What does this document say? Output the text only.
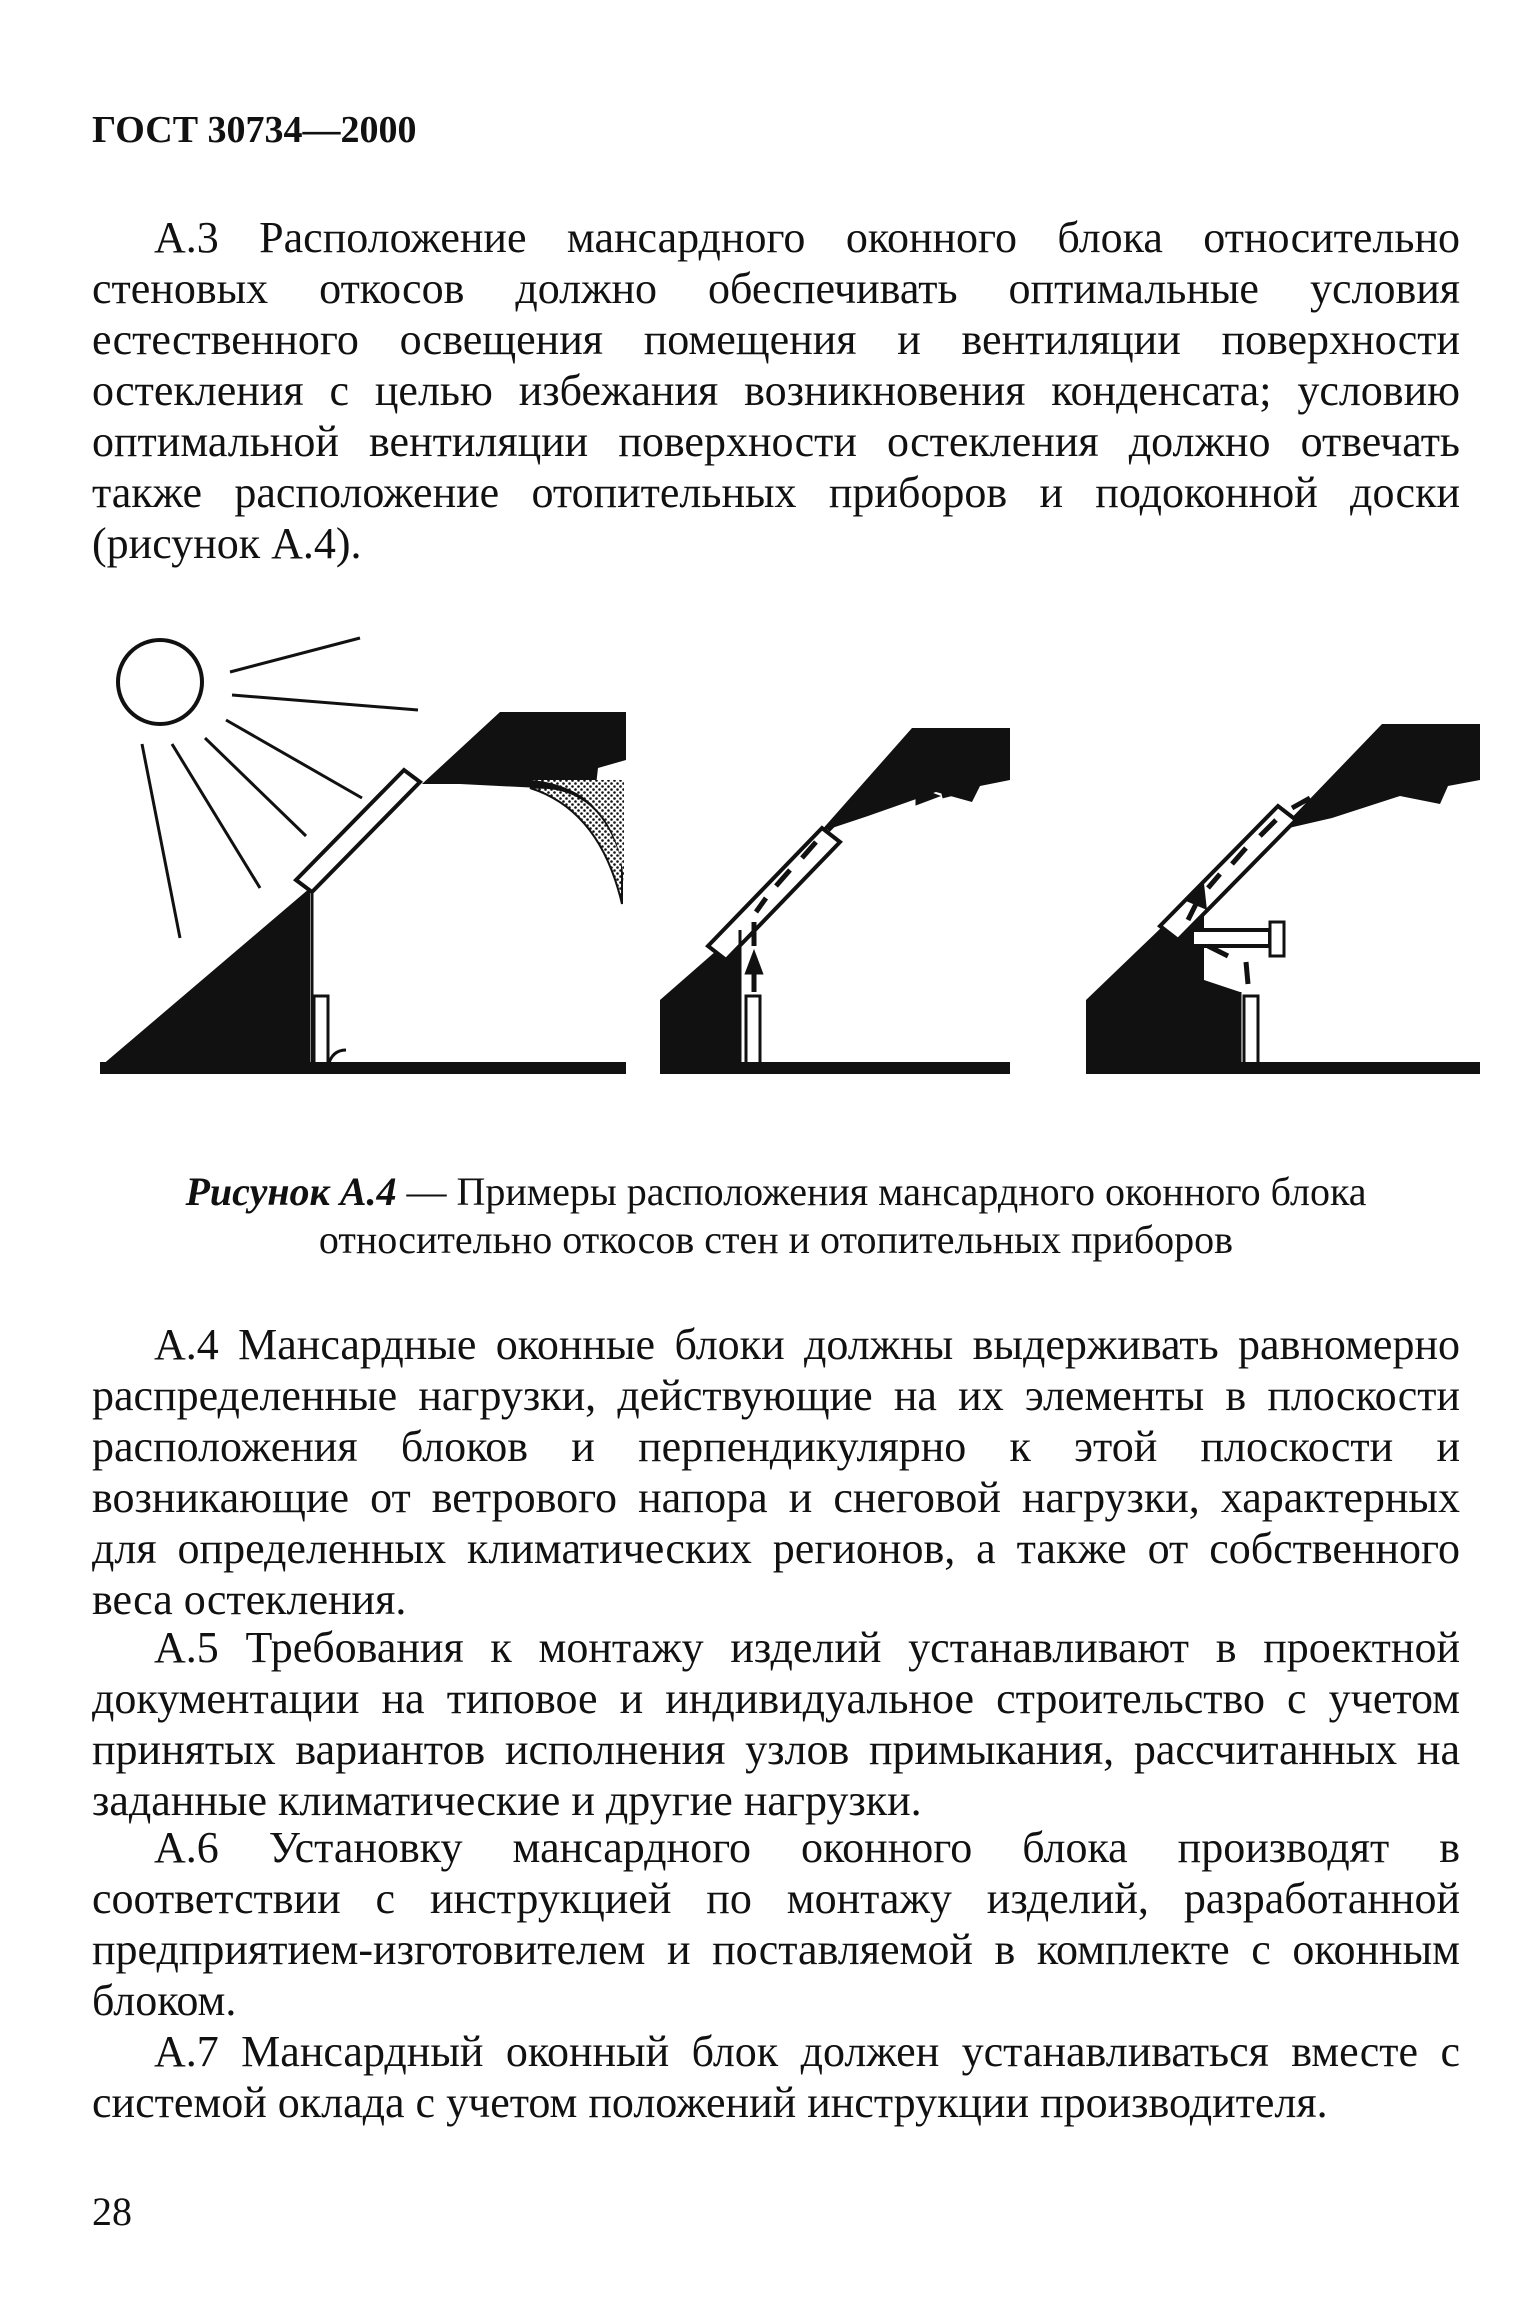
ГОСТ 30734—2000

А.3 Расположение мансардного оконного блока относительно стеновых откосов должно обеспечивать оптимальные условия естественного освещения помещения и вентиляции поверхности остекления с целью избежания возникновения конденсата; условию оптимальной вентиляции поверхности остекления должно отвечать также расположение отопительных приборов и подоконной доски (рисунок А.4).

Рисунок А.4 — Примеры расположения мансардного оконного блока относительно откосов стен и отопительных приборов

А.4 Мансардные оконные блоки должны выдерживать равномерно распределенные нагрузки, действующие на их элементы в плоскости расположения блоков и перпендикулярно к этой плоскости и возникающие от ветрового напора и снеговой нагрузки, характерных для определенных климатических регионов, а также от собственного веса остекления.

А.5 Требования к монтажу изделий устанавливают в проектной документации на типовое и индивидуальное строительство с учетом принятых вариантов исполнения узлов примыкания, рассчитанных на заданные климатические и другие нагрузки.

А.6 Установку мансардного оконного блока производят в соответствии с инструкцией по монтажу изделий, разработанной предприятием-изготовителем и поставляемой в комплекте с оконным блоком.

А.7 Мансардный оконный блок должен устанавливаться вместе с системой оклада с учетом положений инструкции производителя.

28
